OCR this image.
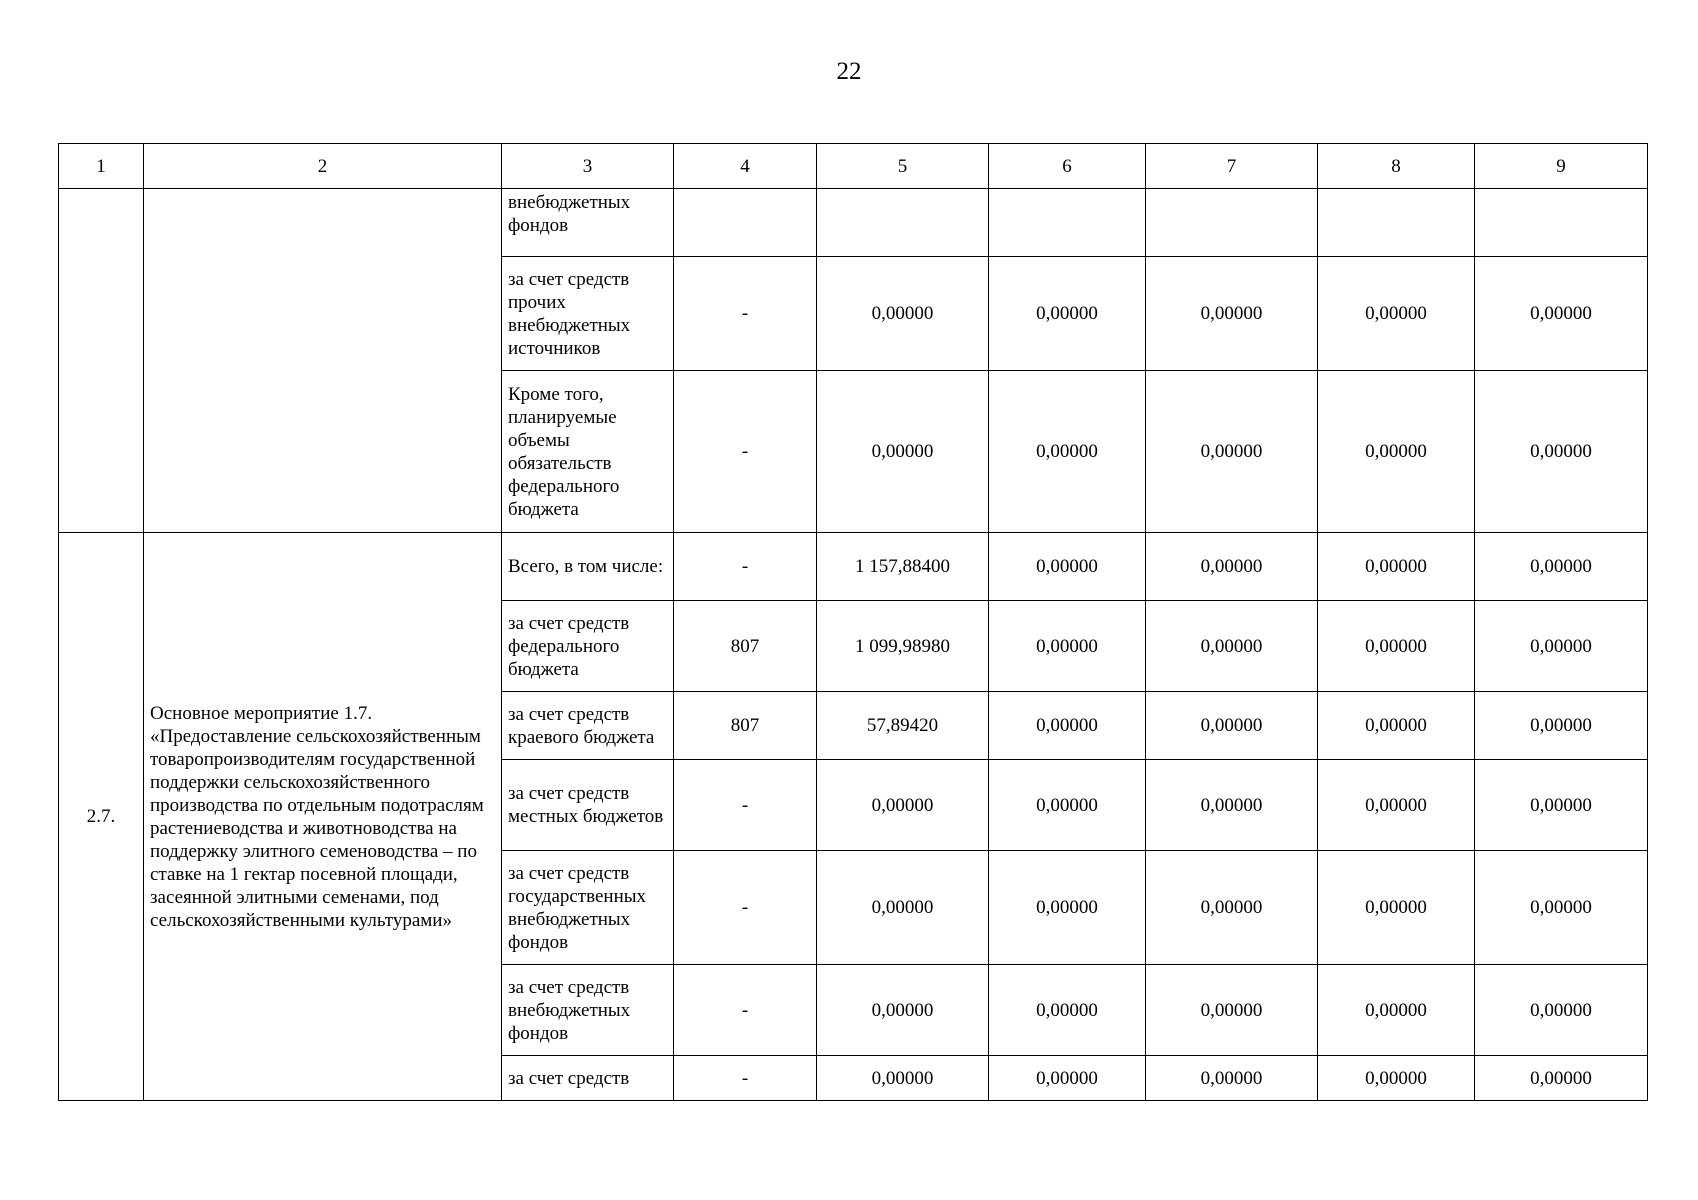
22
1	2	3	4	5	6	7	8	9
		внебюджетных фондов						
		за счет средств прочих внебюджетных источников	-	0,00000	0,00000	0,00000	0,00000	0,00000
		Кроме того, планируемые объемы обязательств федерального бюджета	-	0,00000	0,00000	0,00000	0,00000	0,00000
2.7.	Основное мероприятие 1.7. «Предоставление сельскохозяйственным товаропроизводителям государственной поддержки сельскохозяйственного производства по отдельным подотраслям растениеводства и животноводства на поддержку элитного семеноводства – по ставке на 1 гектар посевной площади, засеянной элитными семенами, под сельскохозяйственными культурами»	Всего, в том числе:	-	1 157,88400	0,00000	0,00000	0,00000	0,00000
		за счет средств федерального бюджета	807	1 099,98980	0,00000	0,00000	0,00000	0,00000
		за счет средств краевого бюджета	807	57,89420	0,00000	0,00000	0,00000	0,00000
		за счет средств местных бюджетов	-	0,00000	0,00000	0,00000	0,00000	0,00000
		за счет средств государственных внебюджетных фондов	-	0,00000	0,00000	0,00000	0,00000	0,00000
		за счет средств внебюджетных фондов	-	0,00000	0,00000	0,00000	0,00000	0,00000
		за счет средств	-	0,00000	0,00000	0,00000	0,00000	0,00000
